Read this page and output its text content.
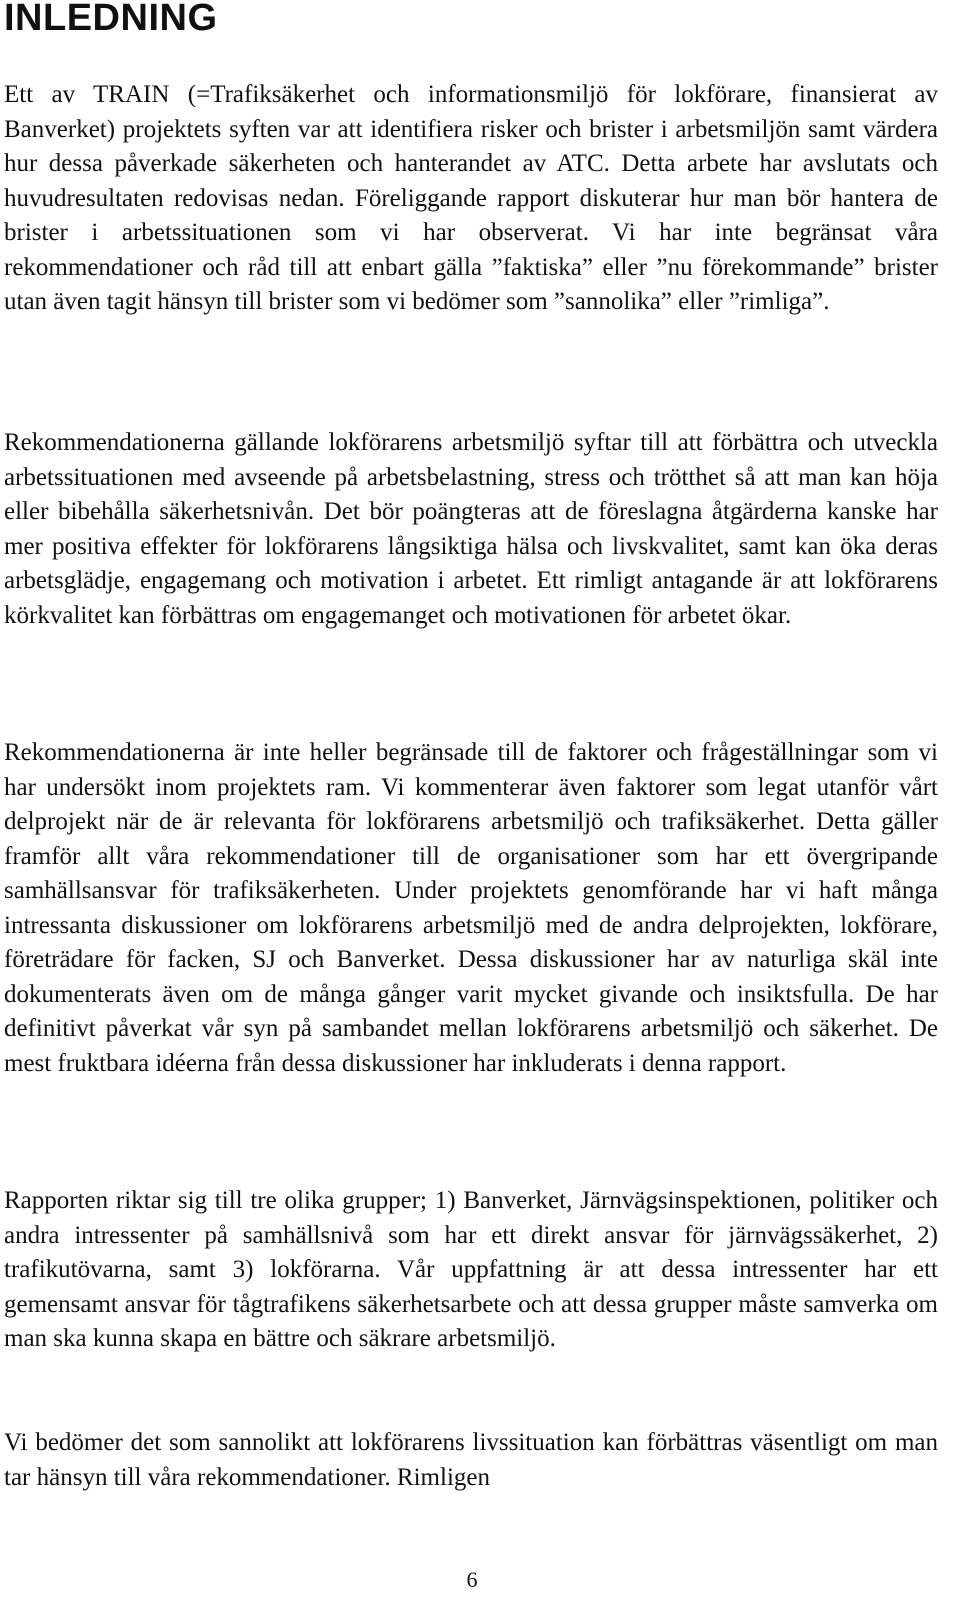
INLEDNING

Ett av TRAIN (=Trafiksäkerhet och informationsmiljö för lokförare, finansierat av Banverket) projektets syften var att identifiera risker och brister i arbetsmiljön samt värdera hur dessa påverkade säkerheten och hanterandet av ATC. Detta arbete har avslutats och huvudresultaten redovisas nedan. Föreliggande rapport diskuterar hur man bör hantera de brister i arbetssituationen som vi har observerat. Vi har inte begränsat våra rekommendationer och råd till att enbart gälla ”faktiska” eller ”nu förekommande” brister utan även tagit hänsyn till brister som vi bedömer som ”sannolika” eller ”rimliga”.

Rekommendationerna gällande lokförarens arbetsmiljö syftar till att förbättra och utveckla arbetssituationen med avseende på arbetsbelastning, stress och trötthet så att man kan höja eller bibehålla säkerhetsnivån. Det bör poängteras att de föreslagna åtgärderna kanske har mer positiva effekter för lokförarens långsiktiga hälsa och livskvalitet, samt kan öka deras arbetsglädje, engagemang och motivation i arbetet. Ett rimligt antagande är att lokförarens körkvalitet kan förbättras om engagemanget och motivationen för arbetet ökar.

Rekommendationerna är inte heller begränsade till de faktorer och frågeställningar som vi har undersökt inom projektets ram. Vi kommenterar även faktorer som legat utanför vårt delprojekt när de är relevanta för lokförarens arbetsmiljö och trafiksäkerhet. Detta gäller framför allt våra rekommendationer till de organisationer som har ett övergripande samhällsansvar för trafiksäkerheten. Under projektets genomförande har vi haft många intressanta diskussioner om lokförarens arbetsmiljö med de andra delprojekten, lokförare, företrädare för facken, SJ och Banverket. Dessa diskussioner har av naturliga skäl inte dokumenterats även om de många gånger varit mycket givande och insiktsfulla. De har definitivt påverkat vår syn på sambandet mellan lokförarens arbetsmiljö och säkerhet. De mest fruktbara idéerna från dessa diskussioner har inkluderats i denna rapport.

Rapporten riktar sig till tre olika grupper; 1) Banverket, Järnvägsinspektionen, politiker och andra intressenter på samhällsnivå som har ett direkt ansvar för järnvägssäkerhet, 2) trafikutövarna, samt 3) lokförarna. Vår uppfattning är att dessa intressenter har ett gemensamt ansvar för tågtrafikens säkerhetsarbete och att dessa grupper måste samverka om man ska kunna skapa en bättre och säkrare arbetsmiljö.

Vi bedömer det som sannolikt att lokförarens livssituation kan förbättras väsentligt om man tar hänsyn till våra rekommendationer. Rimligen

6
